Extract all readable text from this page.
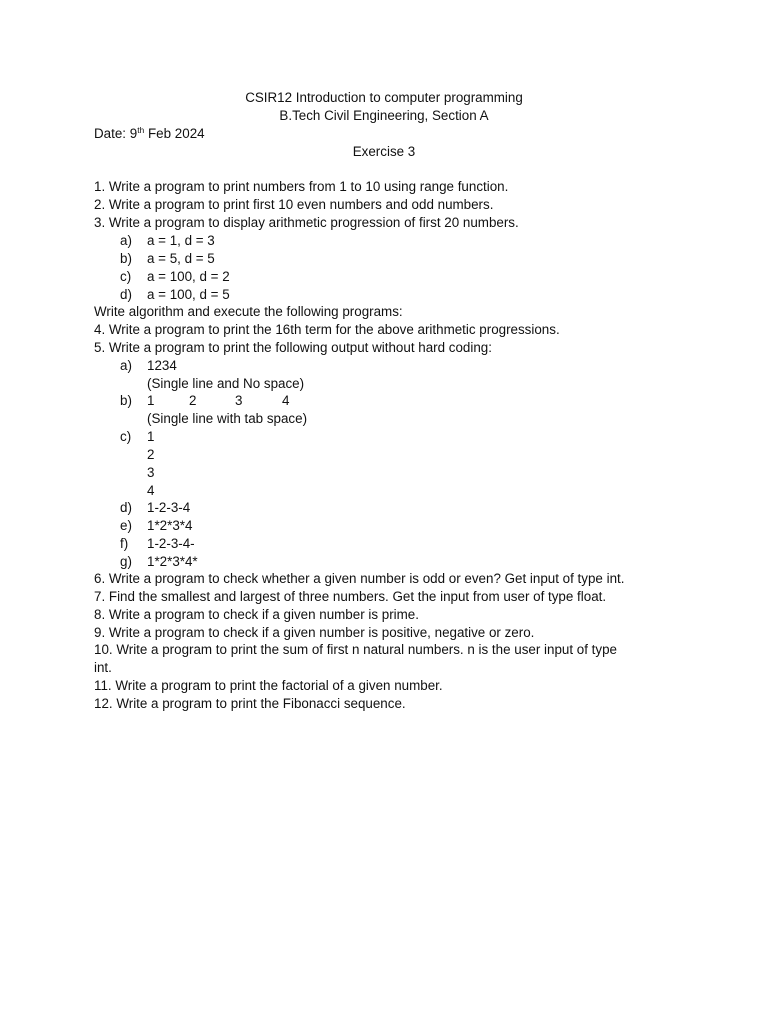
CSIR12 Introduction to computer programming
B.Tech Civil Engineering, Section A
Date: 9th Feb 2024
Exercise 3
1. Write a program to print numbers from 1 to 10 using range function.
2. Write a program to print first 10 even numbers and odd numbers.
3. Write a program to display arithmetic progression of first 20 numbers.
a) a = 1, d = 3
b) a = 5, d = 5
c) a = 100, d = 2
d) a = 100, d = 5
Write algorithm and execute the following programs:
4. Write a program to print the 16th term for the above arithmetic progressions.
5. Write a program to print the following output without hard coding:
a) 1234
(Single line and No space)
b) 1	2	3	4
(Single line with tab space)
c) 1
2
3
4
d) 1-2-3-4
e) 1*2*3*4
f) 1-2-3-4-
g) 1*2*3*4*
6. Write a program to check whether a given number is odd or even? Get input of type int.
7. Find the smallest and largest of three numbers. Get the input from user of type float.
8. Write a program to check if a given number is prime.
9. Write a program to check if a given number is positive, negative or zero.
10. Write a program to print the sum of first n natural numbers. n is the user input of type
int.
11. Write a program to print the factorial of a given number.
12. Write a program to print the Fibonacci sequence.
